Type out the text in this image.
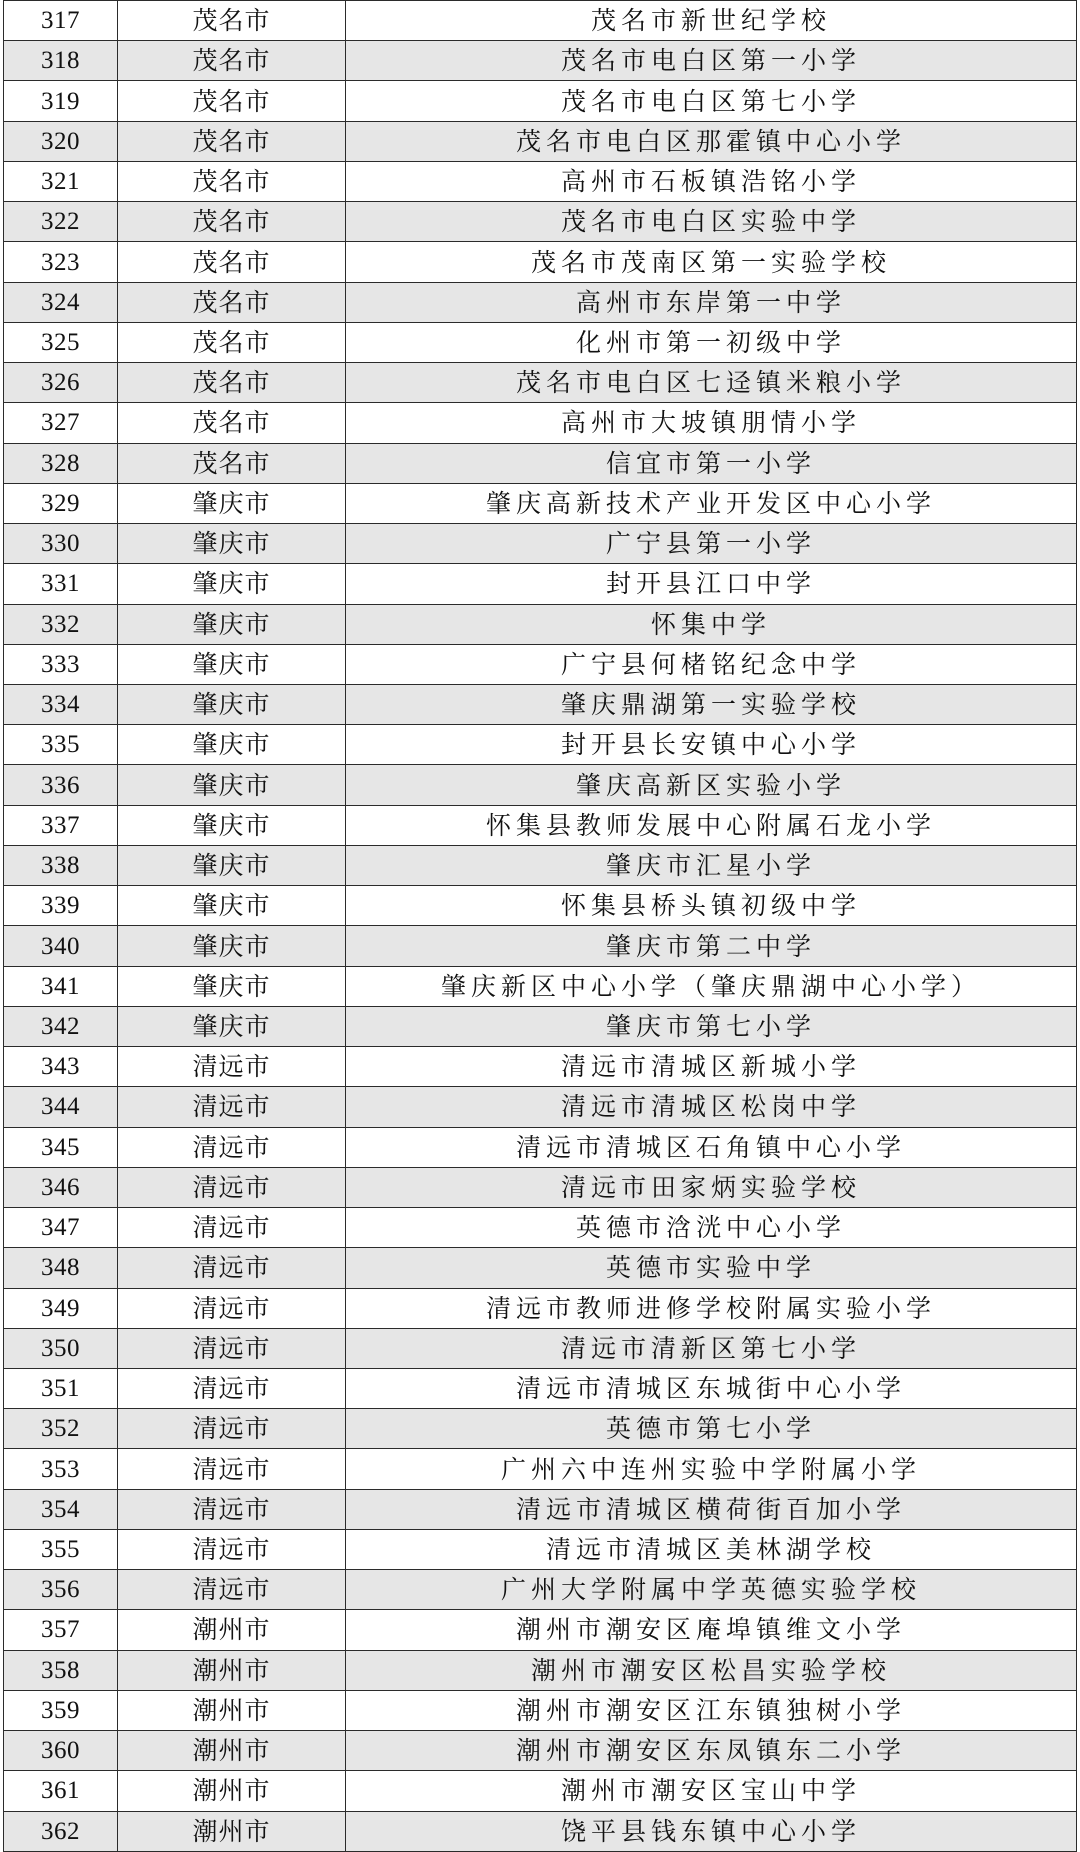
317	茂名市	茂名市新世纪学校
318	茂名市	茂名市电白区第一小学
319	茂名市	茂名市电白区第七小学
320	茂名市	茂名市电白区那霍镇中心小学
321	茂名市	高州市石板镇浩铭小学
322	茂名市	茂名市电白区实验中学
323	茂名市	茂名市茂南区第一实验学校
324	茂名市	高州市东岸第一中学
325	茂名市	化州市第一初级中学
326	茂名市	茂名市电白区七迳镇米粮小学
327	茂名市	高州市大坡镇朋情小学
328	茂名市	信宜市第一小学
329	肇庆市	肇庆高新技术产业开发区中心小学
330	肇庆市	广宁县第一小学
331	肇庆市	封开县江口中学
332	肇庆市	怀集中学
333	肇庆市	广宁县何楮铭纪念中学
334	肇庆市	肇庆鼎湖第一实验学校
335	肇庆市	封开县长安镇中心小学
336	肇庆市	肇庆高新区实验小学
337	肇庆市	怀集县教师发展中心附属石龙小学
338	肇庆市	肇庆市汇星小学
339	肇庆市	怀集县桥头镇初级中学
340	肇庆市	肇庆市第二中学
341	肇庆市	肇庆新区中心小学（肇庆鼎湖中心小学）
342	肇庆市	肇庆市第七小学
343	清远市	清远市清城区新城小学
344	清远市	清远市清城区松岗中学
345	清远市	清远市清城区石角镇中心小学
346	清远市	清远市田家炳实验学校
347	清远市	英德市浛洸中心小学
348	清远市	英德市实验中学
349	清远市	清远市教师进修学校附属实验小学
350	清远市	清远市清新区第七小学
351	清远市	清远市清城区东城街中心小学
352	清远市	英德市第七小学
353	清远市	广州六中连州实验中学附属小学
354	清远市	清远市清城区横荷街百加小学
355	清远市	清远市清城区美林湖学校
356	清远市	广州大学附属中学英德实验学校
357	潮州市	潮州市潮安区庵埠镇维文小学
358	潮州市	潮州市潮安区松昌实验学校
359	潮州市	潮州市潮安区江东镇独树小学
360	潮州市	潮州市潮安区东凤镇东二小学
361	潮州市	潮州市潮安区宝山中学
362	潮州市	饶平县钱东镇中心小学
